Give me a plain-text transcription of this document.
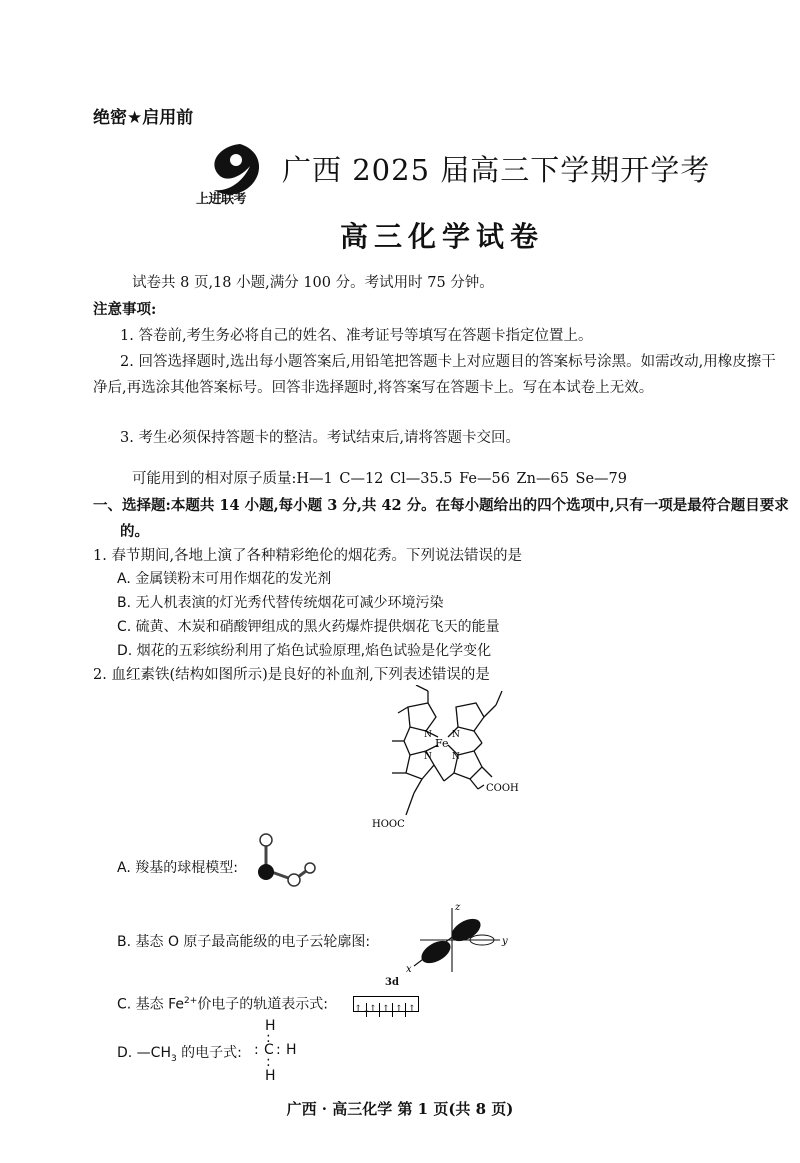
绝密★启用前
上进联考
广西 2025 届高三下学期开学考
高三化学试卷
试卷共 8 页,18 小题,满分 100 分。考试用时 75 分钟。
注意事项:
1. 答卷前,考生务必将自己的姓名、准考证号等填写在答题卡指定位置上。
2. 回答选择题时,选出每小题答案后,用铅笔把答题卡上对应题目的答案标号涂黑。如需改动,用橡皮擦干净后,再选涂其他答案标号。回答非选择题时,将答案写在答题卡上。写在本试卷上无效。
3. 考生必须保持答题卡的整洁。考试结束后,请将答题卡交回。
可能用到的相对原子质量:H—1 C—12 Cl—35.5 Fe—56 Zn—65 Se—79
一、选择题:本题共 14 小题,每小题 3 分,共 42 分。在每小题给出的四个选项中,只有一项是最符合题目要求的。
1. 春节期间,各地上演了各种精彩绝伦的烟花秀。下列说法错误的是
A. 金属镁粉末可用作烟花的发光剂
B. 无人机表演的灯光秀代替传统烟花可减少环境污染
C. 硫黄、木炭和硝酸钾组成的黑火药爆炸提供烟花飞天的能量
D. 烟花的五彩缤纷利用了焰色试验原理,焰色试验是化学变化
2. 血红素铁(结构如图所示)是良好的补血剂,下列表述错误的是
Fe
N N
N N
COOH
HOOC
A. 羧基的球棍模型:
B. 基态 O 原子最高能级的电子云轮廓图:
z
y
x
C. 基态 $Fe^{2+}$价电子的轨道表示式:
3d
↑↓↑ ↑ ↑ ↑
D. $—CH_3$ 的电子式:
H
:
: C : H
:
H
广西 · 高三化学 第 1 页(共 8 页)
